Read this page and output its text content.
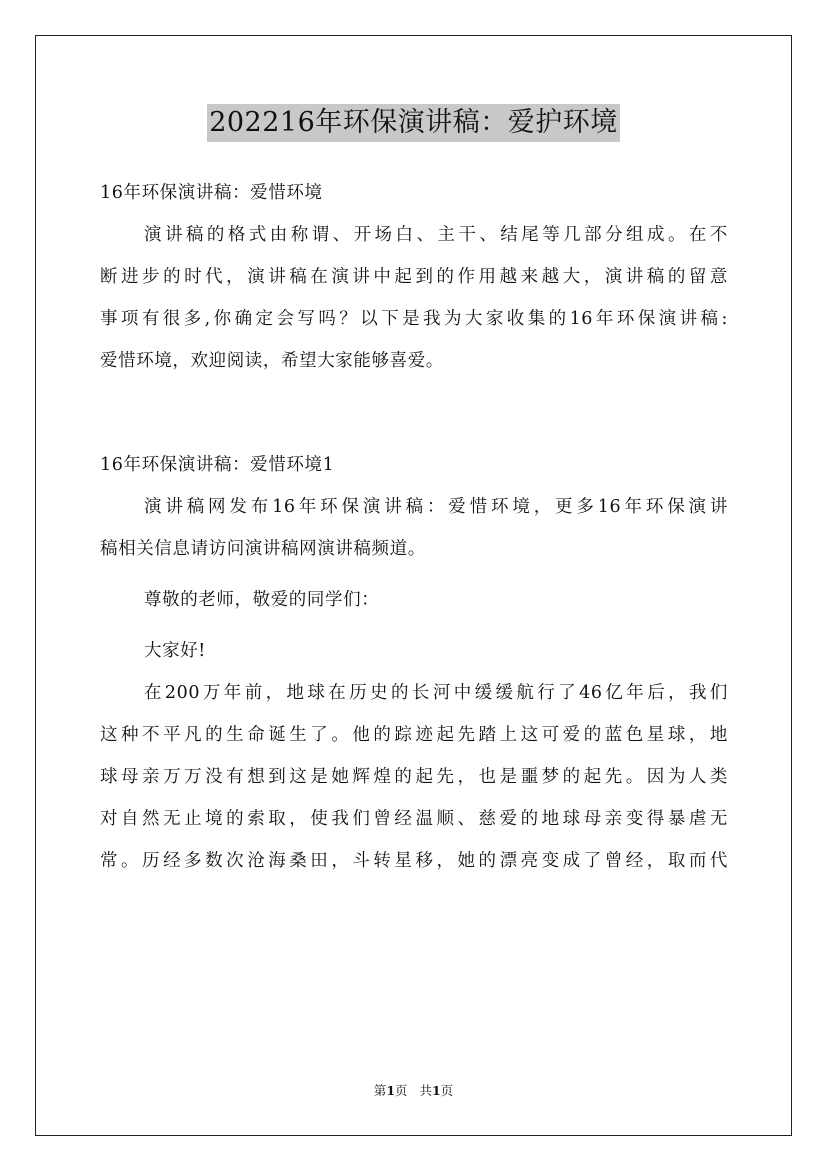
202216年环保演讲稿：爱护环境

16年环保演讲稿：爱惜环境

演讲稿的格式由称谓、开场白、主干、结尾等几部分组成。在不

断进步的时代，演讲稿在演讲中起到的作用越来越大，演讲稿的留意

事项有很多,你确定会写吗？以下是我为大家收集的16年环保演讲稿:

爱惜环境，欢迎阅读，希望大家能够喜爱。

16年环保演讲稿：爱惜环境1

演讲稿网发布16年环保演讲稿：爱惜环境，更多16年环保演讲

稿相关信息请访问演讲稿网演讲稿频道。

尊敬的老师，敬爱的同学们：

大家好!

在200万年前，地球在历史的长河中缓缓航行了46亿年后，我们

这种不平凡的生命诞生了。他的踪迹起先踏上这可爱的蓝色星球，地

球母亲万万没有想到这是她辉煌的起先，也是噩梦的起先。因为人类

对自然无止境的索取，使我们曾经温顺、慈爱的地球母亲变得暴虐无

常。历经多数次沧海桑田，斗转星移，她的漂亮变成了曾经，取而代

第1页 共1页
